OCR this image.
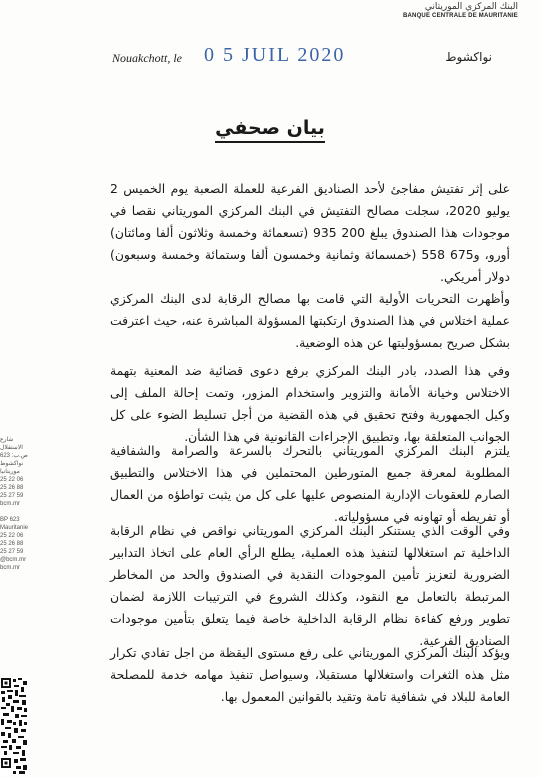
البنك المركزي الموريتاني
BANQUE CENTRALE DE MAURITANIE
Nouakchott, le 0 5 JUIL 2020	نواكشوط
بيان صحفي
على إثر تفتيش مفاجئ لأحد الصناديق الفرعية للعملة الصعبة يوم الخميس 2 يوليو 2020، سجلت مصالح التفتيش في البنك المركزي الموريتاني نقصا في موجودات هذا الصندوق يبلغ 200 935 (تسعمائة وخمسة وثلاثون ألفا ومائتان) أورو، و675 558 (خمسمائة وثمانية وخمسون ألفا وستمائة وخمسة وسبعون) دولار أمريكي.
وأظهرت التحريات الأولية التي قامت بها مصالح الرقابة لدى البنك المركزي عملية اختلاس في هذا الصندوق ارتكبتها المسؤولة المباشرة عنه، حيث اعترفت بشكل صريح بمسؤوليتها عن هذه الوضعية.
وفي هذا الصدد، بادر البنك المركزي برفع دعوى قضائية ضد المعنية بتهمة الاختلاس وخيانة الأمانة والتزوير واستخدام المزور، وتمت إحالة الملف إلى وكيل الجمهورية وفتح تحقيق في هذه القضية من أجل تسليط الضوء على كل الجوانب المتعلقة بها، وتطبيق الإجراءات القانونية في هذا الشأن.
يلتزم البنك المركزي الموريتاني بالتحرك بالسرعة والصرامة والشفافية المطلوبة لمعرفة جميع المتورطين المحتملين في هذا الاختلاس والتطبيق الصارم للعقوبات الإدارية المنصوص عليها على كل من يثبت تواطؤه من العمال أو تفريطه أو تهاونه في مسؤولياته.
وفي الوقت الذي يستنكر البنك المركزي الموريتاني نواقص في نظام الرقابة الداخلية تم استغلالها لتنفيذ هذه العملية، يطلع الرأي العام على اتخاذ التدابير الضرورية لتعزيز تأمين الموجودات النقدية في الصندوق والحد من المخاطر المرتبطة بالتعامل مع النقود، وكذلك الشروع في الترتيبات اللازمة لضمان تطوير ورفع كفاءة نظام الرقابة الداخلية خاصة فيما يتعلق بتأمين موجودات الصناديق الفرعية.
ويؤكد البنك المركزي الموريتاني على رفع مستوى اليقظة من اجل تفادي تكرار مثل هذه الثغرات واستغلالها مستقبلا، وسيواصل تنفيذ مهامه خدمة للمصلحة العامة للبلاد في شفافية تامة وتقيد بالقوانين المعمول بها.
شارع الاستقلال
ص.ب: 623
نواكشوط
موريتانيا
25 22 06
25 26 88
25 27 59
bcm.mr
BP 623
Mauritanie
25 22 06
25 26 88
25 27 59
@bcm.mr
bcm.mr
